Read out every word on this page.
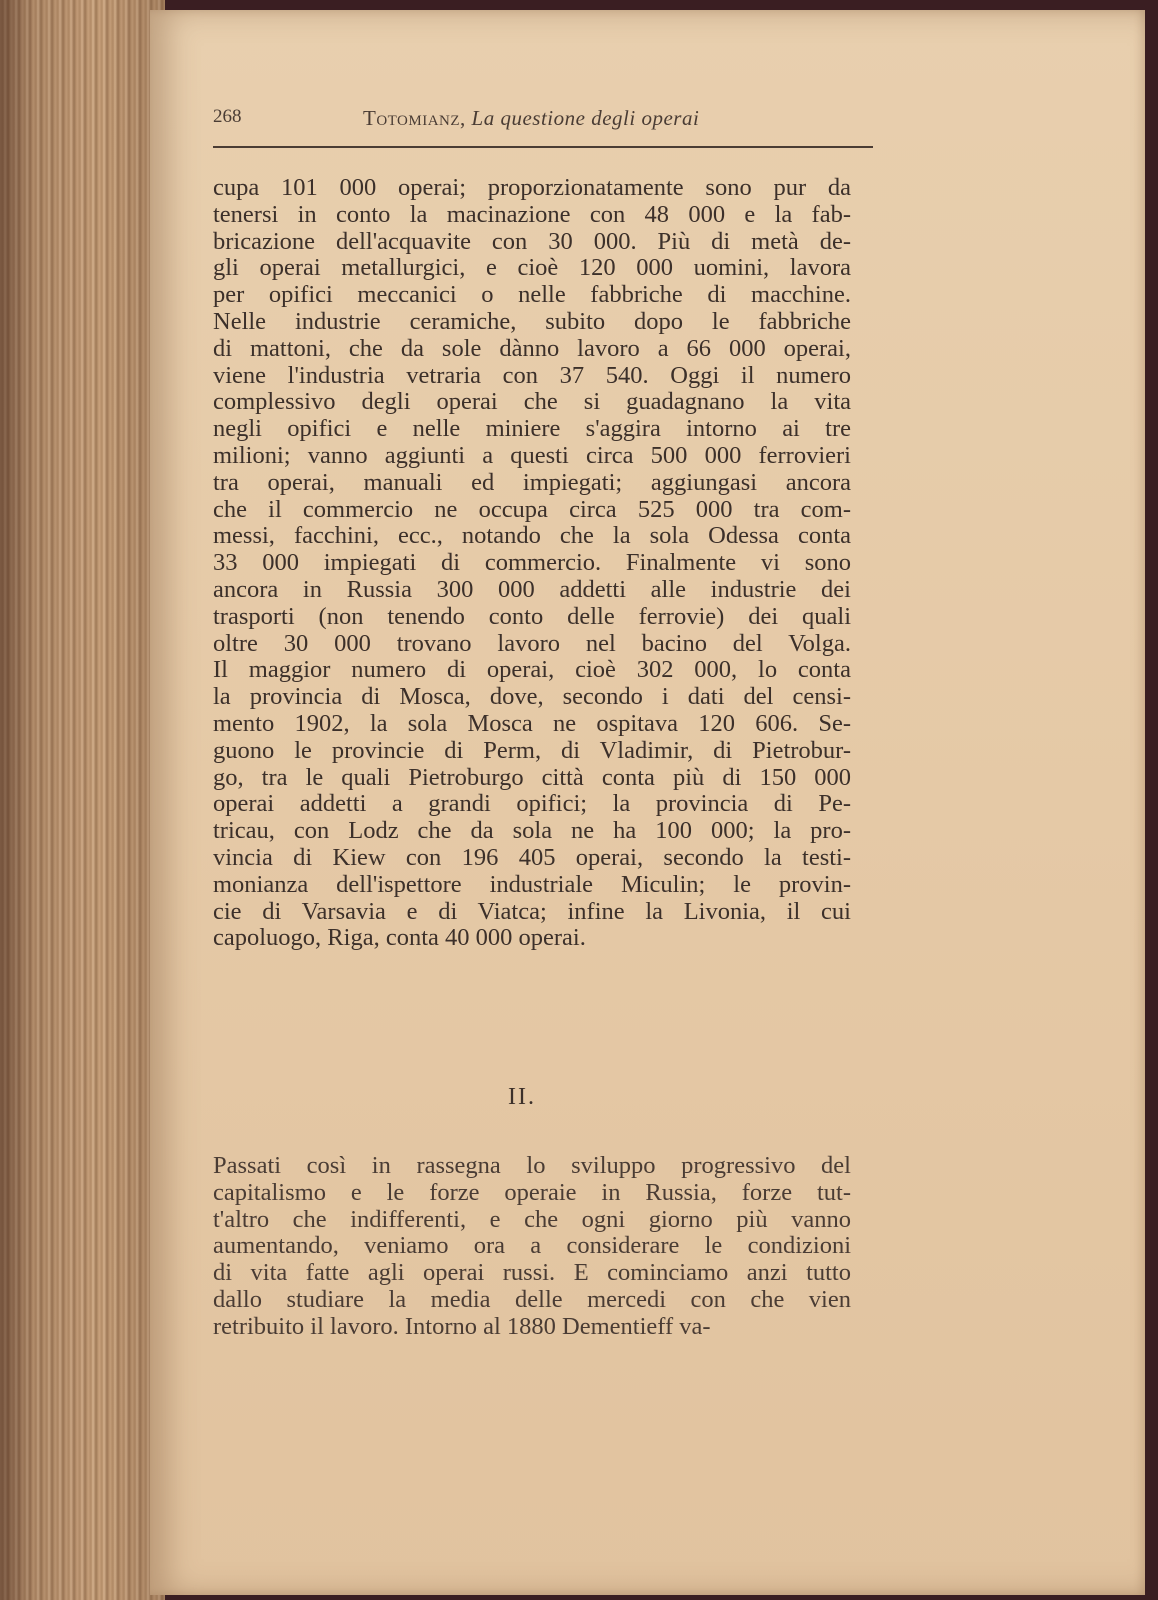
268	Totomianz, La questione degli operai
cupa 101 000 operai; proporzionatamente sono pur da
tenersi in conto la macinazione con 48 000 e la fab-
bricazione dell'acquavite con 30 000. Più di metà de-
gli operai metallurgici, e cioè 120 000 uomini, lavora
per opifici meccanici o nelle fabbriche di macchine.
Nelle industrie ceramiche, subito dopo le fabbriche
di mattoni, che da sole dànno lavoro a 66 000 operai,
viene l'industria vetraria con 37 540. Oggi il numero
complessivo degli operai che si guadagnano la vita
negli opifici e nelle miniere s'aggira intorno ai tre
milioni; vanno aggiunti a questi circa 500 000 ferrovieri
tra operai, manuali ed impiegati; aggiungasi ancora
che il commercio ne occupa circa 525 000 tra com-
messi, facchini, ecc., notando che la sola Odessa conta
33 000 impiegati di commercio. Finalmente vi sono
ancora in Russia 300 000 addetti alle industrie dei
trasporti (non tenendo conto delle ferrovie) dei quali
oltre 30 000 trovano lavoro nel bacino del Volga.
Il maggior numero di operai, cioè 302 000, lo conta
la provincia di Mosca, dove, secondo i dati del censi-
mento 1902, la sola Mosca ne ospitava 120 606. Se-
guono le provincie di Perm, di Vladimir, di Pietrobur-
go, tra le quali Pietroburgo città conta più di 150 000
operai addetti a grandi opifici; la provincia di Pe-
tricau, con Lodz che da sola ne ha 100 000; la pro-
vincia di Kiew con 196 405 operai, secondo la testi-
monianza dell'ispettore industriale Miculin; le provin-
cie di Varsavia e di Viatca; infine la Livonia, il cui
capoluogo, Riga, conta 40 000 operai.
II.
Passati così in rassegna lo sviluppo progressivo del
capitalismo e le forze operaie in Russia, forze tut-
t'altro che indifferenti, e che ogni giorno più vanno
aumentando, veniamo ora a considerare le condizioni
di vita fatte agli operai russi. E cominciamo anzi tutto
dallo studiare la media delle mercedi con che vien
retribuito il lavoro. Intorno al 1880 Dementieff va-
